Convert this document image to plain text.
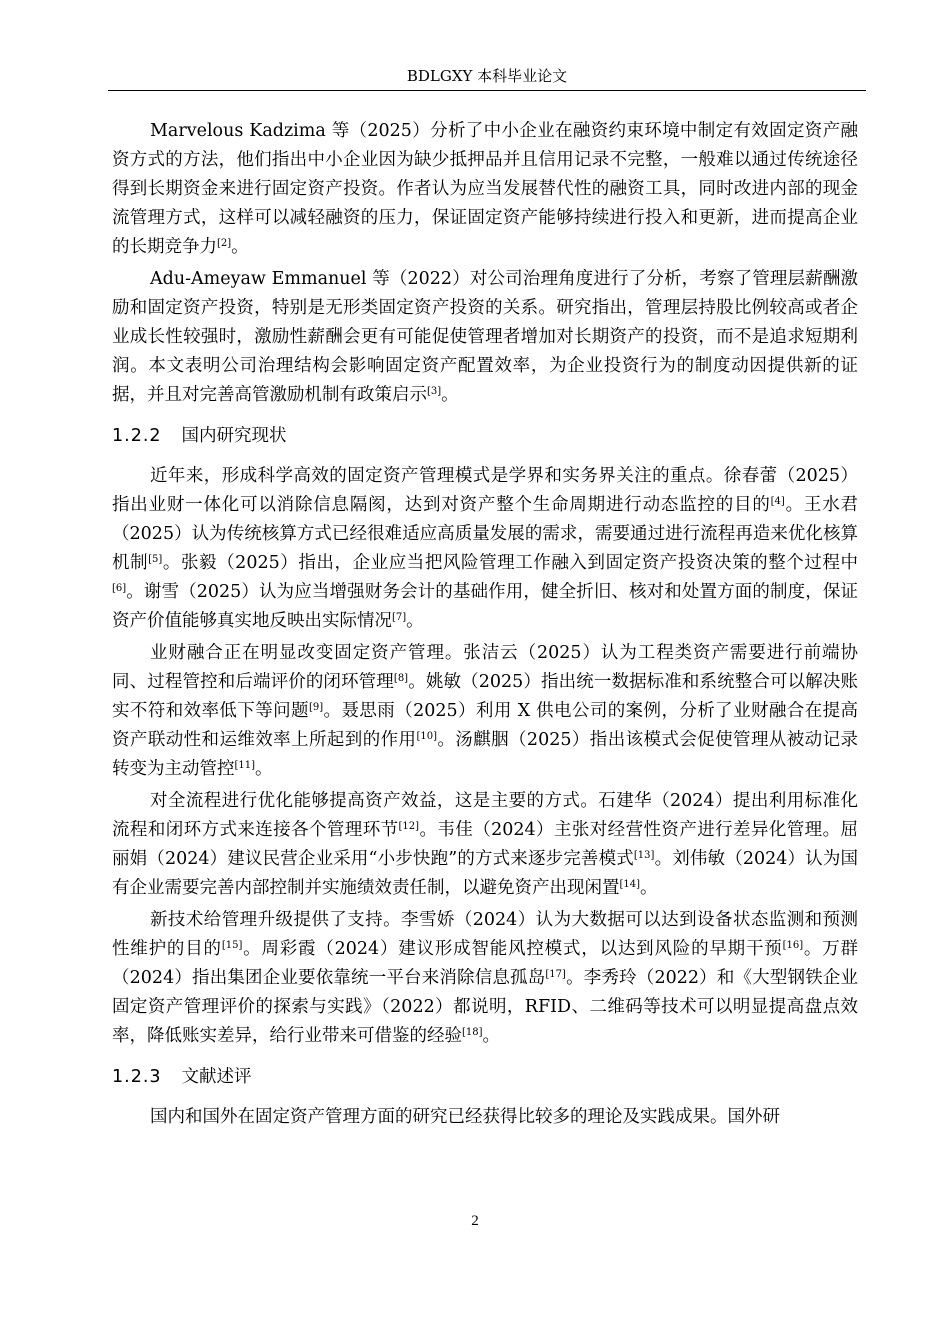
BDLGXY 本科毕业论文

Marvelous Kadzima 等（2025）分析了中小企业在融资约束环境中制定有效固定资产融资方式的方法，他们指出中小企业因为缺少抵押品并且信用记录不完整，一般难以通过传统途径得到长期资金来进行固定资产投资。作者认为应当发展替代性的融资工具，同时改进内部的现金流管理方式，这样可以减轻融资的压力，保证固定资产能够持续进行投入和更新，进而提高企业的长期竞争力[2]。

Adu-Ameyaw Emmanuel 等（2022）对公司治理角度进行了分析，考察了管理层薪酬激励和固定资产投资，特别是无形类固定资产投资的关系。研究指出，管理层持股比例较高或者企业成长性较强时，激励性薪酬会更有可能促使管理者增加对长期资产的投资，而不是追求短期利润。本文表明公司治理结构会影响固定资产配置效率，为企业投资行为的制度动因提供新的证据，并且对完善高管激励机制有政策启示[3]。

1.2.2 国内研究现状

近年来，形成科学高效的固定资产管理模式是学界和实务界关注的重点。徐春蕾（2025）指出业财一体化可以消除信息隔阂，达到对资产整个生命周期进行动态监控的目的[4]。王水君（2025）认为传统核算方式已经很难适应高质量发展的需求，需要通过进行流程再造来优化核算机制[5]。张毅（2025）指出，企业应当把风险管理工作融入到固定资产投资决策的整个过程中[6]。谢雪（2025）认为应当增强财务会计的基础作用，健全折旧、核对和处置方面的制度，保证资产价值能够真实地反映出实际情况[7]。

业财融合正在明显改变固定资产管理。张洁云（2025）认为工程类资产需要进行前端协同、过程管控和后端评价的闭环管理[8]。姚敏（2025）指出统一数据标准和系统整合可以解决账实不符和效率低下等问题[9]。聂思雨（2025）利用 X 供电公司的案例，分析了业财融合在提高资产联动性和运维效率上所起到的作用[10]。汤麒胭（2025）指出该模式会促使管理从被动记录转变为主动管控[11]。

对全流程进行优化能够提高资产效益，这是主要的方式。石建华（2024）提出利用标准化流程和闭环方式来连接各个管理环节[12]。韦佳（2024）主张对经营性资产进行差异化管理。屈丽娟（2024）建议民营企业采用“小步快跑”的方式来逐步完善模式[13]。刘伟敏（2024）认为国有企业需要完善内部控制并实施绩效责任制，以避免资产出现闲置[14]。

新技术给管理升级提供了支持。李雪娇（2024）认为大数据可以达到设备状态监测和预测性维护的目的[15]。周彩霞（2024）建议形成智能风控模式，以达到风险的早期干预[16]。万群（2024）指出集团企业要依靠统一平台来消除信息孤岛[17]。李秀玲（2022）和《大型钢铁企业固定资产管理评价的探索与实践》（2022）都说明，RFID、二维码等技术可以明显提高盘点效率，降低账实差异，给行业带来可借鉴的经验[18]。

1.2.3 文献述评

国内和国外在固定资产管理方面的研究已经获得比较多的理论及实践成果。国外研

2
